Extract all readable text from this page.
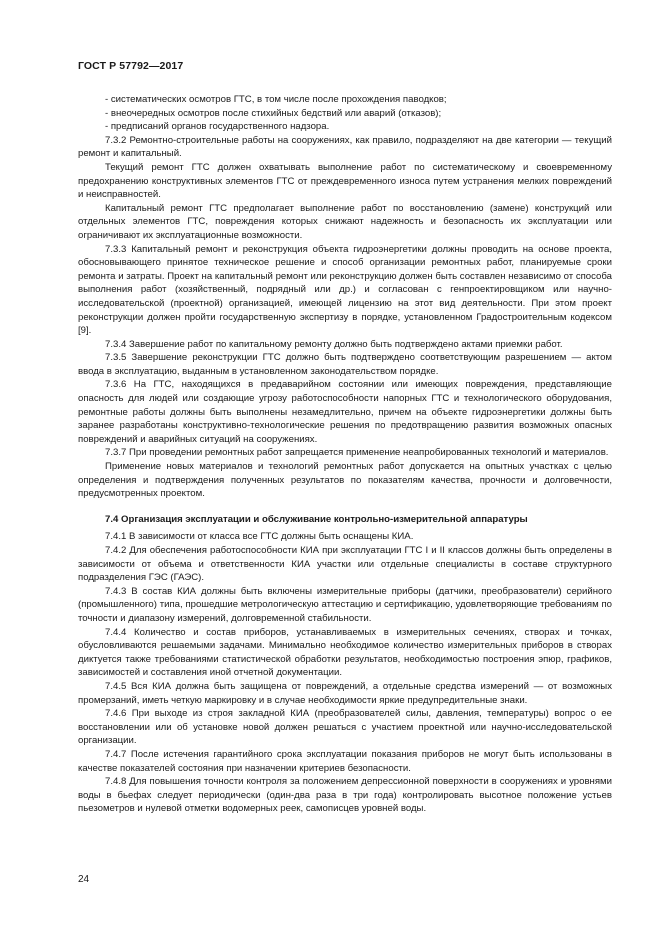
ГОСТ Р 57792—2017

- систематических осмотров ГТС, в том числе после прохождения паводков;

- внеочередных осмотров после стихийных бедствий или аварий (отказов);

- предписаний органов государственного надзора.

7.3.2 Ремонтно-строительные работы на сооружениях, как правило, подразделяют на две категории — текущий ремонт и капитальный.

Текущий ремонт ГТС должен охватывать выполнение работ по систематическому и своевременному предохранению конструктивных элементов ГТС от преждевременного износа путем устранения мелких повреждений и неисправностей.

Капитальный ремонт ГТС предполагает выполнение работ по восстановлению (замене) конструкций или отдельных элементов ГТС, повреждения которых снижают надежность и безопасность их эксплуатации или ограничивают их эксплуатационные возможности.

7.3.3 Капитальный ремонт и реконструкция объекта гидроэнергетики должны проводить на основе проекта, обосновывающего принятое техническое решение и способ организации ремонтных работ, планируемые сроки ремонта и затраты. Проект на капитальный ремонт или реконструкцию должен быть составлен независимо от способа выполнения работ (хозяйственный, подрядный или др.) и согласован с генпроектировщиком или научно-исследовательской (проектной) организацией, имеющей лицензию на этот вид деятельности. При этом проект реконструкции должен пройти государственную экспертизу в порядке, установленном Градостроительным кодексом [9].

7.3.4 Завершение работ по капитальному ремонту должно быть подтверждено актами приемки работ.

7.3.5 Завершение реконструкции ГТС должно быть подтверждено соответствующим разрешением — актом ввода в эксплуатацию, выданным в установленном законодательством порядке.

7.3.6 На ГТС, находящихся в предаварийном состоянии или имеющих повреждения, представляющие опасность для людей или создающие угрозу работоспособности напорных ГТС и технологического оборудования, ремонтные работы должны быть выполнены незамедлительно, причем на объекте гидроэнергетики должны быть заранее разработаны конструктивно-технологические решения по предотвращению развития возможных опасных повреждений и аварийных ситуаций на сооружениях.

7.3.7 При проведении ремонтных работ запрещается применение неапробированных технологий и материалов.

Применение новых материалов и технологий ремонтных работ допускается на опытных участках с целью определения и подтверждения полученных результатов по показателям качества, прочности и долговечности, предусмотренных проектом.

7.4 Организация эксплуатации и обслуживание контрольно-измерительной аппаратуры

7.4.1 В зависимости от класса все ГТС должны быть оснащены КИА.

7.4.2 Для обеспечения работоспособности КИА при эксплуатации ГТС I и II классов должны быть определены в зависимости от объема и ответственности КИА участки или отдельные специалисты в составе структурного подразделения ГЭС (ГАЭС).

7.4.3 В состав КИА должны быть включены измерительные приборы (датчики, преобразователи) серийного (промышленного) типа, прошедшие метрологическую аттестацию и сертификацию, удовлетворяющие требованиям по точности и диапазону измерений, долговременной стабильности.

7.4.4 Количество и состав приборов, устанавливаемых в измерительных сечениях, створах и точках, обусловливаются решаемыми задачами. Минимально необходимое количество измерительных приборов в створах диктуется также требованиями статистической обработки результатов, необходимостью построения эпюр, графиков, зависимостей и составления иной отчетной документации.

7.4.5 Вся КИА должна быть защищена от повреждений, а отдельные средства измерений — от возможных промерзаний, иметь четкую маркировку и в случае необходимости яркие предупредительные знаки.

7.4.6 При выходе из строя закладной КИА (преобразователей силы, давления, температуры) вопрос о ее восстановлении или об установке новой должен решаться с участием проектной или научно-исследовательской организации.

7.4.7 После истечения гарантийного срока эксплуатации показания приборов не могут быть использованы в качестве показателей состояния при назначении критериев безопасности.

7.4.8 Для повышения точности контроля за положением депрессионной поверхности в сооружениях и уровнями воды в бьефах следует периодически (один-два раза в три года) контролировать высотное положение устьев пьезометров и нулевой отметки водомерных реек, самописцев уровней воды.

24
